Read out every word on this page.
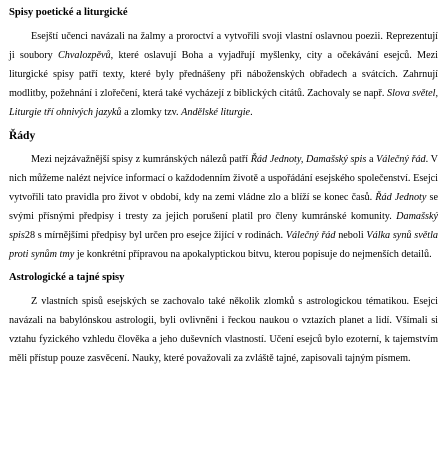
Spisy poetické a liturgické

Esejští učenci navázali na žalmy a proroctví a vytvořili svoji vlastní oslavnou poezii. Reprezentují ji soubory Chvalozpěvů, které oslavují Boha a vyjadřují myšlenky, city a očekávání esejců. Mezi liturgické spisy patří texty, které byly přednášeny při náboženských obřadech a svátcích. Zahrnují modlitby, požehnání i zlořečení, která také vycházejí z biblických citátů. Zachovaly se např. Slova světel, Liturgie tří ohnivých jazyků a zlomky tzv. Andělské liturgie.

Řády

Mezi nejzávažnější spisy z kumránských nálezů patří Řád Jednoty, Damašský spis a Válečný řád. V nich můžeme nalézt nejvíce informací o každodenním životě a uspořádání esejského společenství. Esejci vytvořili tato pravidla pro život v období, kdy na zemi vládne zlo a blíží se konec časů. Řád Jednoty se svými přísnými předpisy i tresty za jejich porušení platil pro členy kumránské komunity. Damašský spis28 s mírnějšími předpisy byl určen pro esejce žijící v rodinách. Válečný řád neboli Válka synů světla proti synům tmy je konkrétní přípravou na apokalyptickou bitvu, kterou popisuje do nejmenších detailů.

Astrologické a tajné spisy

Z vlastních spisů esejských se zachovalo také několik zlomků s astrologickou tématikou. Esejci navázali na babylónskou astrologii, byli ovlivněni i řeckou naukou o vztazích planet a lidí. Všímali si vztahu fyzického vzhledu člověka a jeho duševních vlastností. Učení esejců bylo ezoterní, k tajemstvím měli přístup pouze zasvěcení. Nauky, které považovali za zvláště tajné, zapisovali tajným písmem.
